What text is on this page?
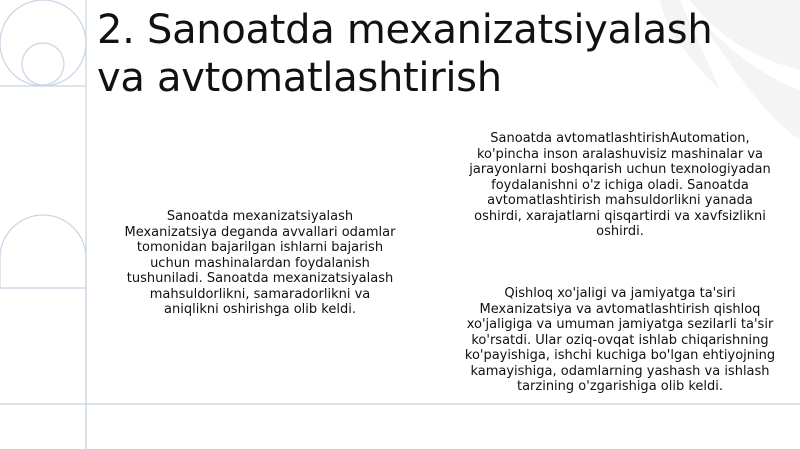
2. Sanoatda mexanizatsiyalash
va avtomatlashtirish
Sanoatda mexanizatsiyalash
Mexanizatsiya deganda avvallari odamlar
tomonidan bajarilgan ishlarni bajarish
uchun mashinalardan foydalanish
tushuniladi. Sanoatda mexanizatsiyalash
mahsuldorlikni, samaradorlikni va
aniqlikni oshirishga olib keldi.
Sanoatda avtomatlashtirishAutomation,
ko'pincha inson aralashuvisiz mashinalar va
jarayonlarni boshqarish uchun texnologiyadan
foydalanishni o'z ichiga oladi. Sanoatda
avtomatlashtirish mahsuldorlikni yanada
oshirdi, xarajatlarni qisqartirdi va xavfsizlikni
oshirdi.
Qishloq xo'jaligi va jamiyatga ta'siri
Mexanizatsiya va avtomatlashtirish qishloq
xo'jaligiga va umuman jamiyatga sezilarli ta'sir
ko'rsatdi. Ular oziq-ovqat ishlab chiqarishning
ko'payishiga, ishchi kuchiga bo'lgan ehtiyojning
kamayishiga, odamlarning yashash va ishlash
tarzining o'zgarishiga olib keldi.
